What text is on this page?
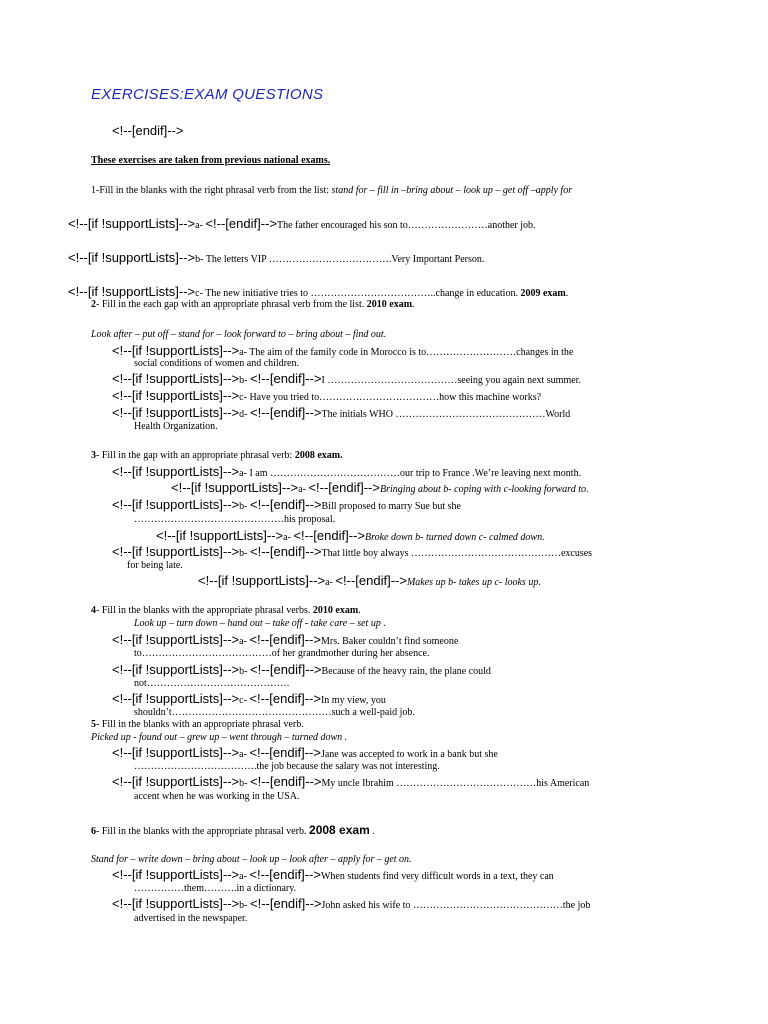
EXERCISES:EXAM QUESTIONS
<!--[endif]-->
These exercises are taken from previous national exams.
1-Fill in the blanks with the right phrasal verb from the list: stand for – fill in –bring about – look up – get off –apply for
<!--[if !supportLists]-->a- <!--[endif]-->The father encouraged his son to……………………another job.
<!--[if !supportLists]-->b- The letters VIP ……………………………….Very Important Person.
<!--[if !supportLists]-->c- The new initiative tries to ………………………………..change in education. 2009 exam.
2- Fill in the each gap with an appropriate phrasal verb from the list. 2010 exam.
Look after – put off – stand for – look forward to – bring about – find out.
<!--[if !supportLists]-->a- The aim of the family code in Morocco is to………………………changes in the
social conditions of women and children.
<!--[if !supportLists]-->b- <!--[endif]-->I …………………………………seeing you again next summer.
<!--[if !supportLists]-->c- Have you tried to………………………………how this machine works?
<!--[if !supportLists]-->d- <!--[endif]-->The initials WHO ………………………………………World
Health Organization.
3- Fill in the gap with an appropriate phrasal verb: 2008 exam.
<!--[if !supportLists]-->a- I am …………………………………our trip to France .We’re leaving next month.
<!--[if !supportLists]-->a- <!--[endif]-->Bringing about b- coping with c-looking forward to.
<!--[if !supportLists]-->b- <!--[endif]-->Bill proposed to marry Sue but she
………………………………………his proposal.
<!--[if !supportLists]-->a- <!--[endif]-->Broke down b- turned down c- calmed down.
<!--[if !supportLists]-->b- <!--[endif]-->That little boy always ………………………………………excuses
for being late.
<!--[if !supportLists]-->a- <!--[endif]-->Makes up b- takes up c- looks up.
4- Fill in the blanks with the appropriate phrasal verbs. 2010 exam.
Look up – turn down – hand out – take off - take care – set up .
<!--[if !supportLists]-->a- <!--[endif]-->Mrs. Baker couldn’t find someone
to…………………………………of her grandmother during her absence.
<!--[if !supportLists]-->b- <!--[endif]-->Because of the heavy rain, the plane could
not…………………………………….
<!--[if !supportLists]-->c- <!--[endif]-->In my view, you
shouldn’t…………………………………………such a well-paid job.
5- Fill in the blanks with an appropriate phrasal verb.
Picked up - found out – grew up – went through – turned down .
<!--[if !supportLists]-->a- <!--[endif]-->Jane was accepted to work in a bank but she
……………………………….the job because the salary was not interesting.
<!--[if !supportLists]-->b- <!--[endif]-->My uncle Ibrahim ……………………………………his American
accent when he was working in the USA.
6- Fill in the blanks with the appropriate phrasal verb. 2008 exam .
Stand for – write down – bring about – look up – look after – apply for – get on.
<!--[if !supportLists]-->a- <!--[endif]-->When students find very difficult words in a text, they can
……………them……….in a dictionary.
<!--[if !supportLists]-->b- <!--[endif]-->John asked his wife to ………………………………………the job
advertised in the newspaper.
